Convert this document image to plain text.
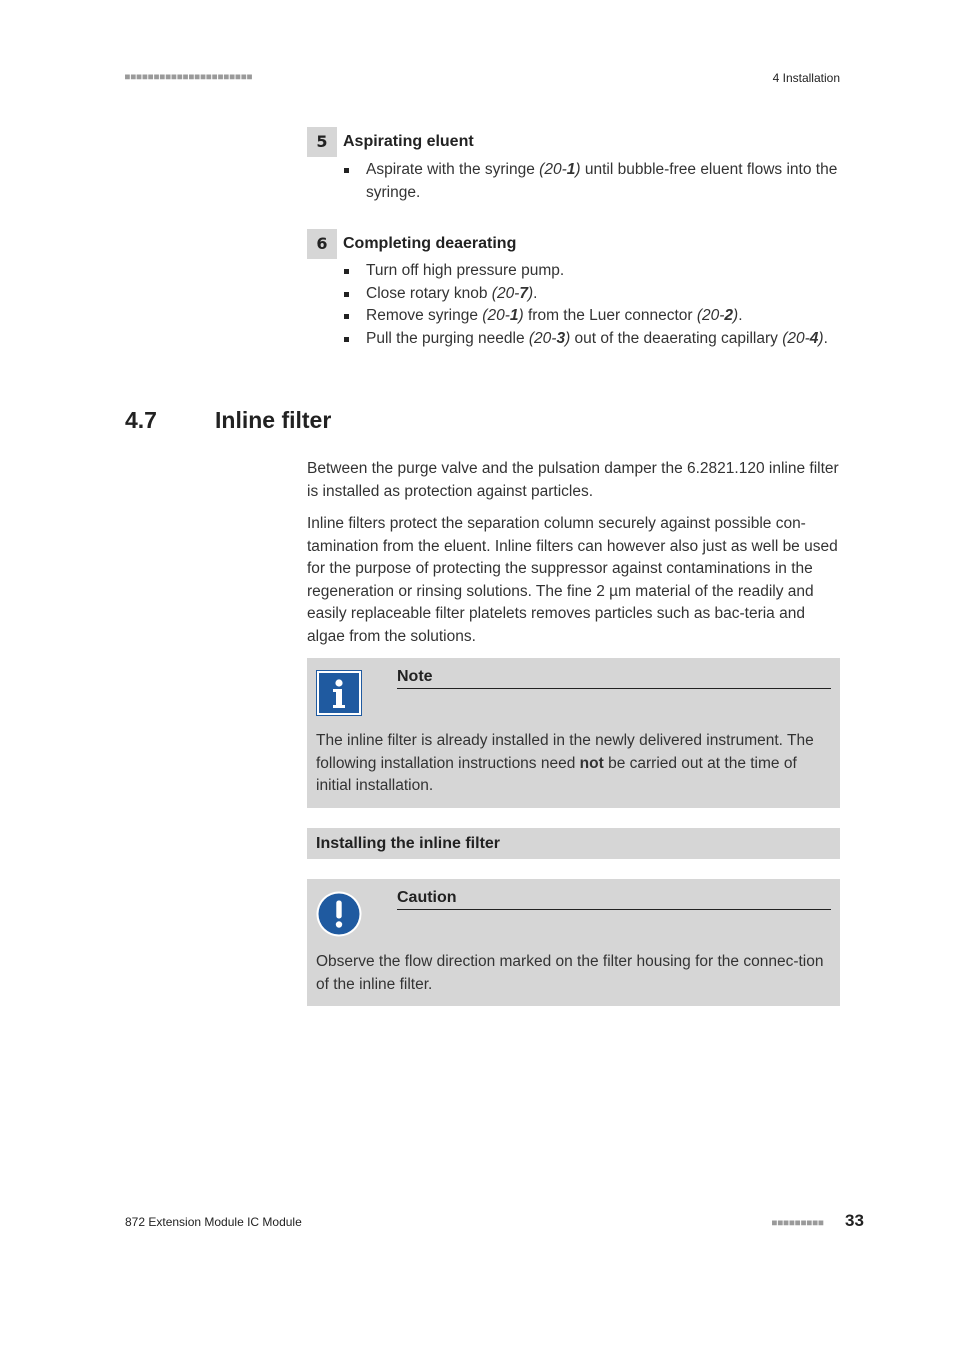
■■■■■■■■■■■■■■■■■■■■■■	4 Installation
5 Aspirating eluent
Aspirate with the syringe (20-1) until bubble-free eluent flows into the syringe.
6 Completing deaerating
Turn off high pressure pump.
Close rotary knob (20-7).
Remove syringe (20-1) from the Luer connector (20-2).
Pull the purging needle (20-3) out of the deaerating capillary (20-4).
4.7	Inline filter

Between the purge valve and the pulsation damper the 6.2821.120 inline filter is installed as protection against particles.

Inline filters protect the separation column securely against possible con-tamination from the eluent. Inline filters can however also just as well be used for the purpose of protecting the suppressor against contaminations in the regeneration or rinsing solutions. The fine 2 µm material of the readily and easily replaceable filter platelets removes particles such as bac-teria and algae from the solutions.

Note

The inline filter is already installed in the newly delivered instrument. The following installation instructions need not be carried out at the time of initial installation.

Installing the inline filter
Caution

Observe the flow direction marked on the filter housing for the connec-tion of the inline filter.

872 Extension Module IC Module	■■■■■■■■■ 33
